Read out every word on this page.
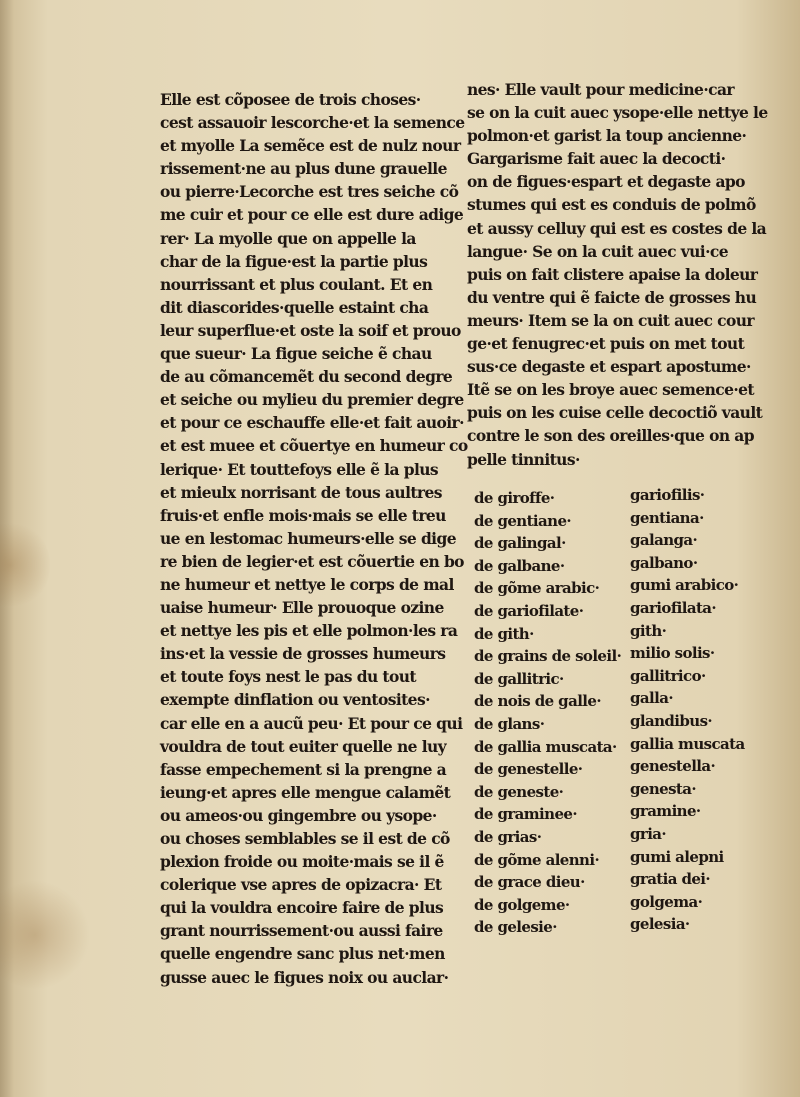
Elle est cõposee de trois choses·
cest assauoir lescorche·et la semence
et myolle La semẽce est de nulz nour
rissement·ne au plus dune grauelle
ou pierre·Lecorche est tres seiche cõ
me cuir et pour ce elle est dure adige
rer· La myolle que on appelle la
char de la figue·est la partie plus
nourrissant et plus coulant. Et en
dit diascorides·quelle estaint cha
leur superflue·et oste la soif et prouo
que sueur· La figue seiche ẽ chau
de au cõmancemẽt du second degre
et seiche ou mylieu du premier degre
et pour ce eschauffe elle·et fait auoir·
et est muee et cõuertye en humeur co
lerique· Et touttefoys elle ẽ la plus
et mieulx norrisant de tous aultres
fruis·et enfle mois·mais se elle treu
ue en lestomac humeurs·elle se dige
re bien de legier·et est cõuertie en bo
ne humeur et nettye le corps de mal
uaise humeur· Elle prouoque ozine
et nettye les pis et elle polmon·les ra
ins·et la vessie de grosses humeurs
et toute foys nest le pas du tout
exempte dinflation ou ventosites·
car elle en a aucũ peu· Et pour ce qui
vouldra de tout euiter quelle ne luy
fasse empechement si la prengne a
ieung·et apres elle mengue calamẽt
ou ameos·ou gingembre ou ysope·
ou choses semblables se il est de cõ
plexion froide ou moite·mais se il ẽ
colerique vse apres de opizacra· Et
qui la vouldra encoire faire de plus
grant nourrissement·ou aussi faire
quelle engendre sanc plus net·men
gusse auec le figues noix ou auclar·
nes· Elle vault pour medicine·car
se on la cuit auec ysope·elle nettye le
polmon·et garist la toup ancienne·
Gargarisme fait auec la decocti·
on de figues·espart et degaste apo
stumes qui est es conduis de polmõ
et aussy celluy qui est es costes de la
langue· Se on la cuit auec vui·ce
puis on fait clistere apaise la doleur
du ventre qui ẽ faicte de grosses hu
meurs· Item se la on cuit auec cour
ge·et fenugrec·et puis on met tout
sus·ce degaste et espart apostume·
Itẽ se on les broye auec semence·et
puis on les cuise celle decoctiõ vault
contre le son des oreilles·que on ap
pelle tinnitus·
de giroffe·
de gentiane·
de galingal·
de galbane·
de gõme arabic·
de gariofilate·
de gith·
de grains de soleil·
de gallitric·
de nois de galle·
de glans·
de gallia muscata·
de genestelle·
de geneste·
de graminee·
de grias·
de gõme alenni·
de grace dieu·
de golgeme·
de gelesie·
gariofilis·
gentiana·
galanga·
galbano·
gumi arabico·
gariofilata·
gith·
milio solis·
gallitrico·
galla·
glandibus·
gallia muscata
genestella·
genesta·
gramine·
gria·
gumi alepni
gratia dei·
golgema·
gelesia·
